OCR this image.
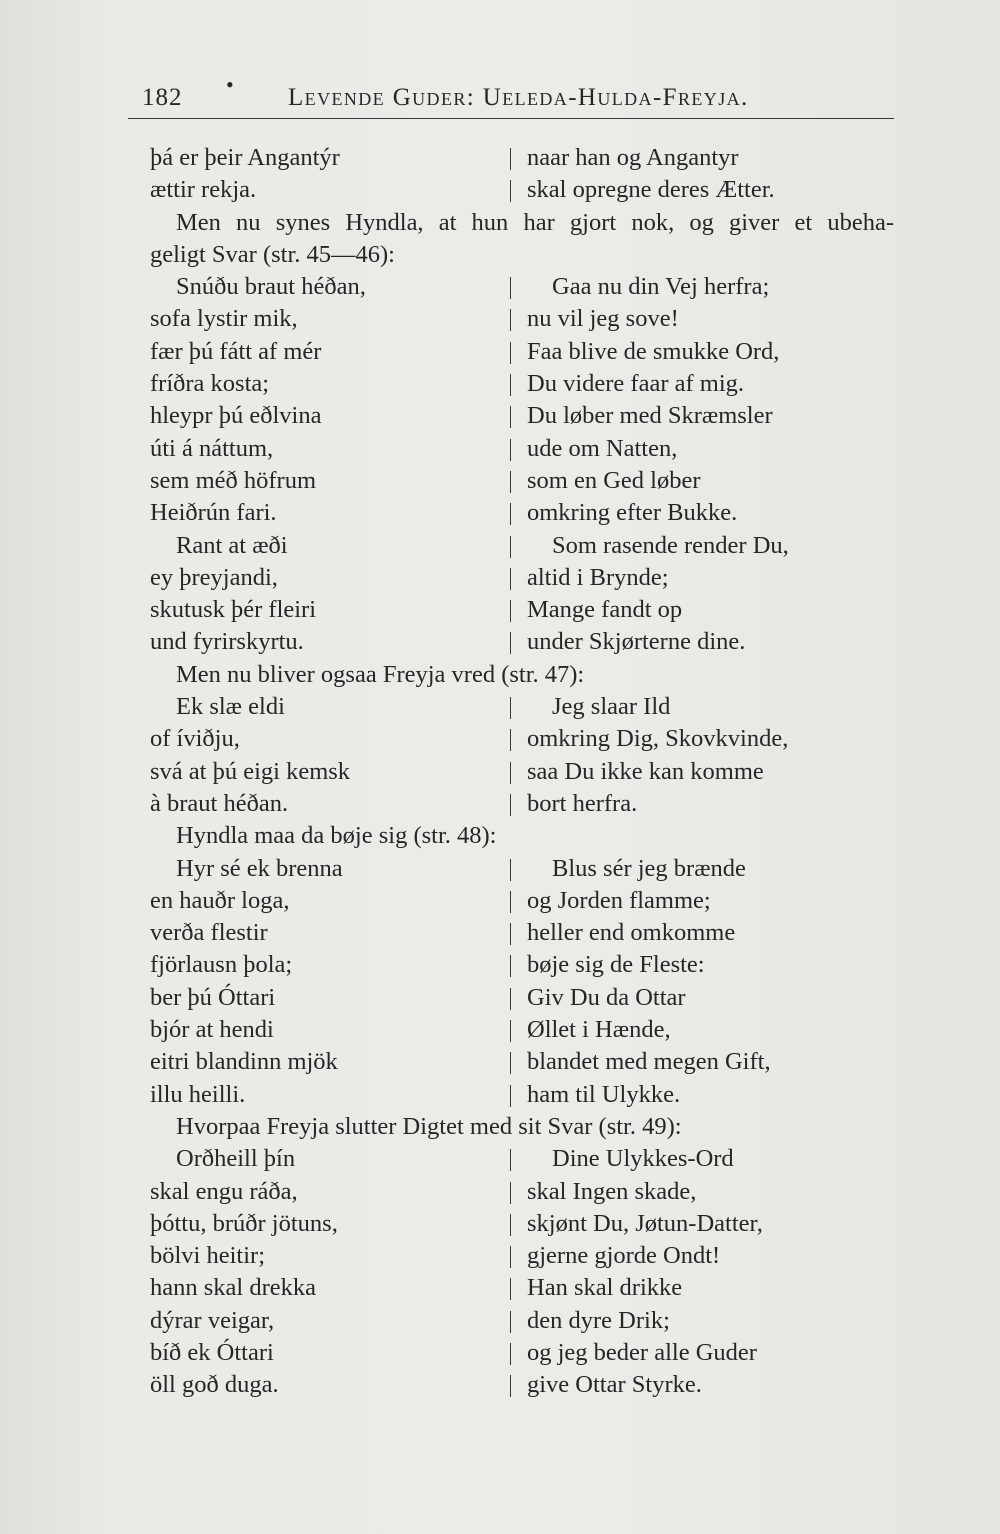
182 • Levende Guder: Ueleda-Hulda-Freyja.
þá er þeir Angantýr	naar han og Angantyr
ættir rekja.	skal opregne deres Ætter.
Men nu synes Hyndla, at hun har gjort nok, og giver et ubeha-
geligt Svar (str. 45—46):
Snúðu braut héðan,	Gaa nu din Vej herfra;
sofa lystir mik,	nu vil jeg sove!
fær þú fátt af mér	Faa blive de smukke Ord,
fríðra kosta;	Du videre faar af mig.
hleypr þú eðlvina	Du løber med Skræmsler
úti á náttum,	ude om Natten,
sem méð höfrum	som en Ged løber
Heiðrún fari.	omkring efter Bukke.
Rant at æði	Som rasende render Du,
ey þreyjandi,	altid i Brynde;
skutusk þér fleiri	Mange fandt op
und fyrirskyrtu.	under Skjørterne dine.
Men nu bliver ogsaa Freyja vred (str. 47):
Ek slæ eldi	Jeg slaar Ild
of íviðju,	omkring Dig, Skovkvinde,
svá at þú eigi kemsk	saa Du ikke kan komme
à braut héðan.	bort herfra.
Hyndla maa da bøje sig (str. 48):
Hyr sé ek brenna	Blus sér jeg brænde
en hauðr loga,	og Jorden flamme;
verða flestir	heller end omkomme
fjörlausn þola;	bøje sig de Fleste:
ber þú Óttari	Giv Du da Ottar
bjór at hendi	Øllet i Hænde,
eitri blandinn mjök	blandet med megen Gift,
illu heilli.	ham til Ulykke.
Hvorpaa Freyja slutter Digtet med sit Svar (str. 49):
Orðheill þín	Dine Ulykkes-Ord
skal engu ráða,	skal Ingen skade,
þóttu, brúðr jötuns,	skjønt Du, Jøtun-Datter,
bölvi heitir;	gjerne gjorde Ondt!
hann skal drekka	Han skal drikke
dýrar veigar,	den dyre Drik;
bíð ek Óttari	og jeg beder alle Guder
öll goð duga.	give Ottar Styrke.
